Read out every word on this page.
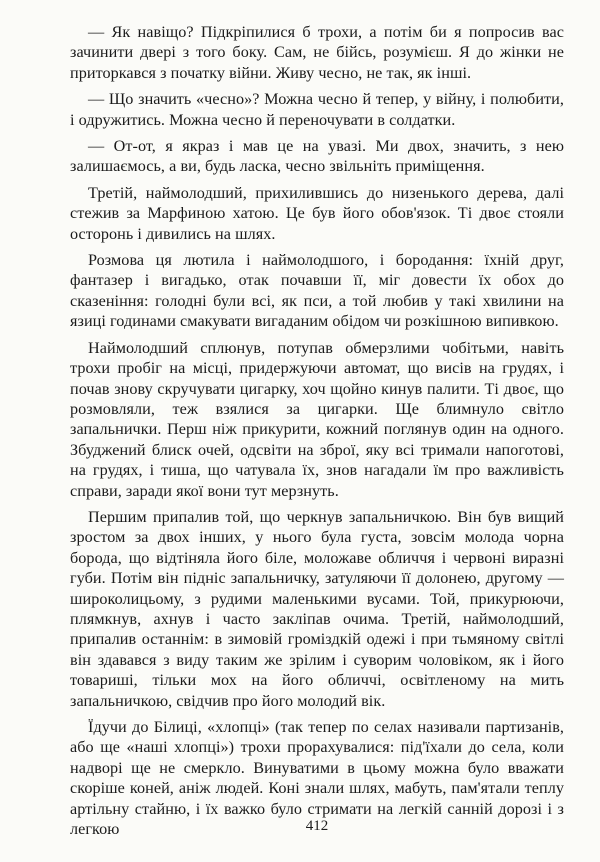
— Як навіщо? Підкріпилися б трохи, а потім би я попросив вас зачинити двері з того боку. Сам, не бійсь, розумієш. Я до жінки не приторкався з початку війни. Живу чесно, не так, як інші.

— Що значить «чесно»? Можна чесно й тепер, у війну, і полюбити, і одружитись. Можна чесно й переночувати в солдатки.

— От-от, я якраз і мав це на увазі. Ми двох, значить, з нею залишаємось, а ви, будь ласка, чесно звільніть приміщення.

Третій, наймолодший, прихилившись до низенького дерева, далі стежив за Марфиною хатою. Це був його обов'язок. Ті двоє стояли осторонь і дивились на шлях.

Розмова ця лютила і наймолодшого, і бородання: їхній друг, фантазер і вигадько, отак почавши її, міг довести їх обох до сказеніння: голодні були всі, як пси, а той любив у такі хвилини на язиці годинами смакувати вигаданим обідом чи розкішною випивкою.

Наймолодший сплюнув, потупав обмерзлими чобітьми, навіть трохи пробіг на місці, придержуючи автомат, що висів на грудях, і почав знову скручувати цигарку, хоч щойно кинув палити. Ті двоє, що розмовляли, теж взялися за цигарки. Ще блимнуло світло запальнички. Перш ніж прикурити, кожний поглянув один на одного. Збуджений блиск очей, одсвіти на зброї, яку всі тримали напоготові, на грудях, і тиша, що чатувала їх, знов нагадали їм про важливість справи, заради якої вони тут мерзнуть.

Першим припалив той, що черкнув запальничкою. Він був вищий зростом за двох інших, у нього була густа, зовсім молода чорна борода, що відтіняла його біле, моложаве обличчя і червоні виразні губи. Потім він підніс запальничку, затуляючи її долонею, другому — широколицьому, з рудими маленькими вусами. Той, прикурюючи, плямкнув, ахнув і часто заклiпав очима. Третій, наймолодший, припалив останнім: в зимовій громіздкій одежі і при тьмяному світлі він здавався з виду таким же зрілим і суворим чоловіком, як і його товариші, тільки мох на його обличчі, освітленому на мить запальничкою, свідчив про його молодий вік.

Їдучи до Білиці, «хлопці» (так тепер по селах називали партизанів, або ще «наші хлопці») трохи прорахувалися: під'їхали до села, коли надворі ще не смеркло. Винуватими в цьому можна було вважати скоріше коней, аніж людей. Коні знали шлях, мабуть, пам'ятали теплу артільну стайню, і їх важко було стримати на легкій санній дорозі і з легкою	412
